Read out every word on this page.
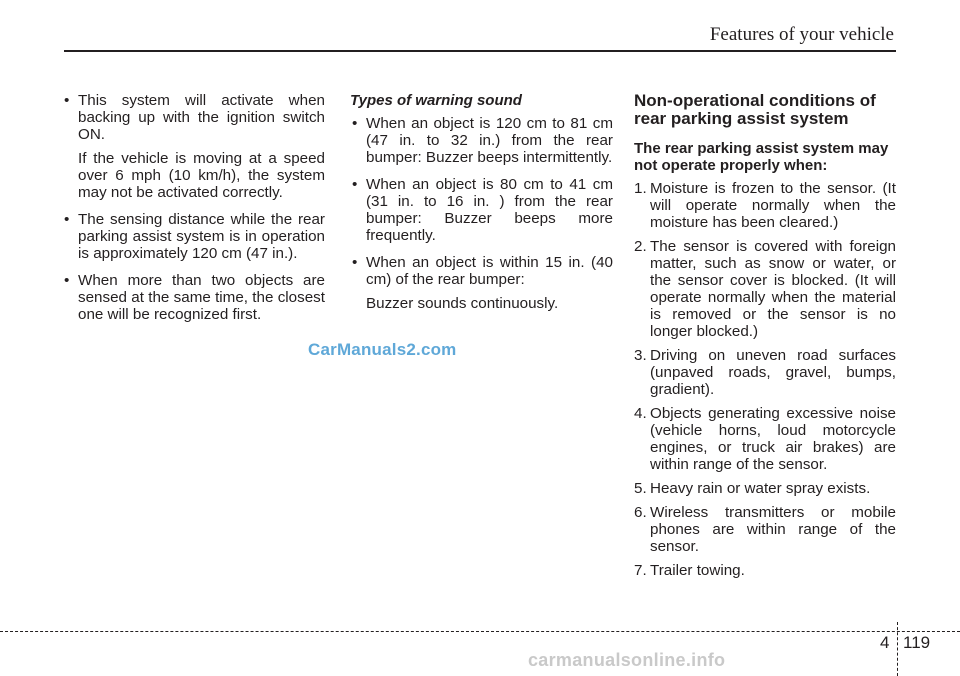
Features of your vehicle
• This system will activate when backing up with the ignition switch ON.

If the vehicle is moving at a speed over 6 mph (10 km/h), the system may not be activated correctly.

• The sensing distance while the rear parking assist system is in operation is approximately 120 cm (47 in.).

• When more than two objects are sensed at the same time, the closest one will be recognized first.

Types of warning sound
• When an object is 120 cm to 81 cm (47 in. to 32 in.) from the rear bumper: Buzzer beeps intermittently.

• When an object is 80 cm to 41 cm (31 in. to 16 in. ) from the rear bumper: Buzzer beeps more frequently.

• When an object is within 15 in. (40 cm) of the rear bumper:

Buzzer sounds continuously.

Non-operational conditions of rear parking assist system
The rear parking assist system may not operate properly when:
1. Moisture is frozen to the sensor. (It will operate normally when the moisture has been cleared.)

2. The sensor is covered with foreign matter, such as snow or water, or the sensor cover is blocked. (It will operate normally when the material is removed or the sensor is no longer blocked.)

3. Driving on uneven road surfaces (unpaved roads, gravel, bumps, gradient).

4. Objects generating excessive noise (vehicle horns, loud motorcycle engines, or truck air brakes) are within range of the sensor.

5. Heavy rain or water spray exists.

6. Wireless transmitters or mobile phones are within range of the sensor.

7. Trailer towing.

CarManuals2.com
4 119
carmanualsonline.info
